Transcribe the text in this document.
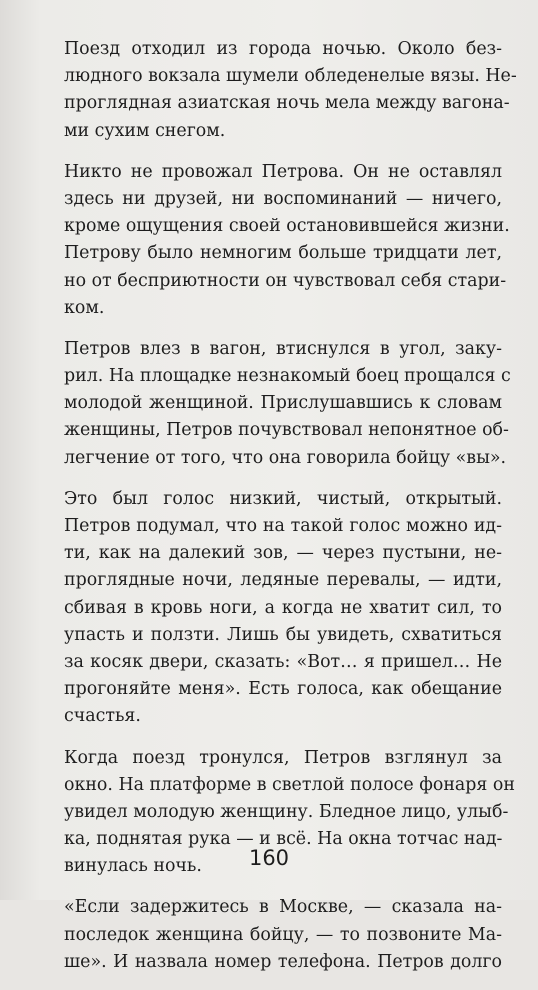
Поезд отходил из города ночью. Около без-
людного вокзала шумели обледенелые вязы. Не-
проглядная азиатская ночь мела между вагона-
ми сухим снегом.
Никто не провожал Петрова. Он не оставлял
здесь ни друзей, ни воспоминаний — ничего,
кроме ощущения своей остановившейся жизни.
Петрову было немногим больше тридцати лет,
но от бесприютности он чувствовал себя стари-
ком.
Петров влез в вагон, втиснулся в угол, заку-
рил. На площадке незнакомый боец прощался с
молодой женщиной. Прислушавшись к словам
женщины, Петров почувствовал непонятное об-
легчение от того, что она говорила бойцу «вы».
Это был голос низкий, чистый, открытый.
Петров подумал, что на такой голос можно ид-
ти, как на далекий зов, — через пустыни, не-
проглядные ночи, ледяные перевалы, — идти,
сбивая в кровь ноги, а когда не хватит сил, то
упасть и ползти. Лишь бы увидеть, схватиться
за косяк двери, сказать: «Вот… я пришел… Не
прогоняйте меня». Есть голоса, как обещание
счастья.
Когда поезд тронулся, Петров взглянул за
окно. На платформе в светлой полосе фонаря он
увидел молодую женщину. Бледное лицо, улыб-
ка, поднятая рука — и всё. На окна тотчас над-
винулась ночь.
«Если задержитесь в Москве, — сказала на-
последок женщина бойцу, — то позвоните Ма-
ше». И назвала номер телефона. Петров долго
160
